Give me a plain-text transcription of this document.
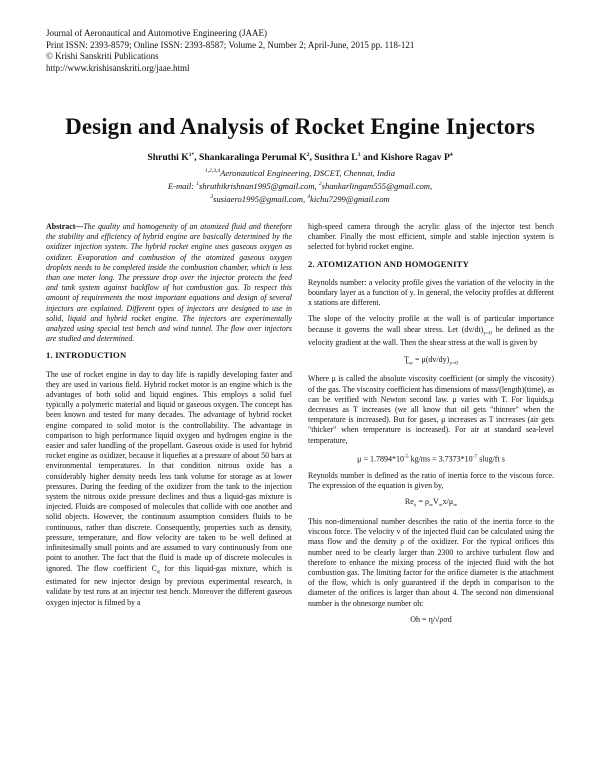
Journal of Aeronautical and Automotive Engineering (JAAE)
Print ISSN: 2393-8579; Online ISSN: 2393-8587; Volume 2, Number 2; April-June, 2015 pp. 118-121
© Krishi Sanskriti Publications
http://www.krishisanskriti.org/jaae.html
Design and Analysis of Rocket Engine Injectors
Shruthi $K^{1*}$, Shankaralinga Perumal $K^2$, Susithra $L^3$ and Kishore Ragav $P^4$
$^{1,2,3,4}$Aeronautical Engineering, DSCET, Chennai, India
E-mail: $^1$shruthikrishnan1995@gmail.com, $^2$shankarlingam555@gmail.com,
$^3$susiaero1995@gmail.com, $^4$kichu7299@gmail.com

Abstract—The quality and homogeneity of an atomized fluid and therefore the stability and efficiency of hybrid engine are basically determined by the oxidizer injection system. The hybrid rocket engine uses gaseous oxygen as oxidizer. Evaporation and combustion of the atomized gaseous oxygen droplets needs to be completed inside the combustion chamber, which is less than one meter long. The pressure drop over the injector protects the feed and tank system against backflow of hot combustion gas. To respect this amount of requirements the most important equations and design of several injectors are explained. Different types of injectors are designed to use in solid, liquid and hybrid rocket engine. The injectors are experimentally analyzed using special test bench and wind tunnel. The flow over injectors are studied and determined.

1. INTRODUCTION

The use of rocket engine in day to day life is rapidly developing faster and they are used in various field. Hybrid rocket motor is an engine which is the advantages of both solid and liquid engines. This employs a solid fuel typically a polymeric material and liquid or gaseous oxygen. The concept has been known and tested for many decades. The advantage of hybrid rocket engine compared to solid motor is the controllability. The advantage in comparison to high performance liquid oxygen and hydrogen engine is the easier and safer handling of the propellant. Gaseous oxide is used for hybrid rocket engine as oxidizer, because it liquefies at a pressure of about 50 bars at environmental temperatures. In that condition nitrous oxide has a considerably higher density needs less tank volume for storage as at lower pressures. During the feeding of the oxidizer from the tank to the injection system the nitrous oxide pressure declines and thus a liquid-gas mixture is injected. Fluids are composed of molecules that collide with one another and solid objects. However, the continuum assumption considers fluids to be continuous, rather than discrete. Consequently, properties such as density, pressure, temperature, and flow velocity are taken to be well defined at infinitesimally small points and are assumed to vary continuously from one point to another. The fact that the fluid is made up of discrete molecules is ignored. The flow coefficient $C_d$ for this liquid-gas mixture, which is estimated for new injector design by previous experimental research, is validate by test runs at an injector test bench. Moreover the different gaseous oxygen injector is filmed by a

high-speed camera through the acrylic glass of the injector test bench chamber. Finally the most efficient, simple and stable injection system is selected for hybrid rocket engine.

2. ATOMIZATION AND HOMOGENITY

Reynolds number: a velocity profile gives the variation of the velocity in the boundary layer as a function of y. In general, the velocity profiles at different x stations are different.

The slope of the velocity profile at the wall is of particular importance because it governs the wall shear stress. Let $(dv/dt)_{y=0}$ be defined as the velocity gradient at the wall. Then the shear stress at the wall is given by

$Ʈ_w = \mu(dv/dy)_{y=0}$

Where μ is called the absolute viscosity coefficient (or simply the viscosity) of the gas. The viscosity coefficient has dimensions of mass/(length)(time), as can be verified with Newton second law. μ varies with T. For liquids,μ decreases as T increases (we all know that oil gets "thinner" when the temperature is increased). But for gases, μ increases as T increases (air gets "thicker" when temperature is increased). For air at standard sea-level temperature,

$\mu = 1.7894*10^{-5}$ $kg/ms = 3.7373*10^{-7}$ slug/ft s

Reynolds number is defined as the ratio of inertia force to the viscous force. The expression of the equation is given by,

$Re_x = \rho_\infty V_\infty x/\mu_\infty$

This non-dimensional number describes the ratio of the inertia force to the viscous force. The velocity v of the injected fluid can be calculated using the mass flow and the density ρ of the oxidizer. For the typical orifices this number need to be clearly larger than 2300 to archive turbulent flow and therefore to enhance the mixing process of the injected fluid with the hot combustion gas. The limiting factor for the orifice diameter is the attachment of the flow, which is only guaranteed if the depth in comparison to the diameter of the orifices is larger than about 4. The second non dimensional number is the ohnesorge number oh:

Oh = η/√ρσd
